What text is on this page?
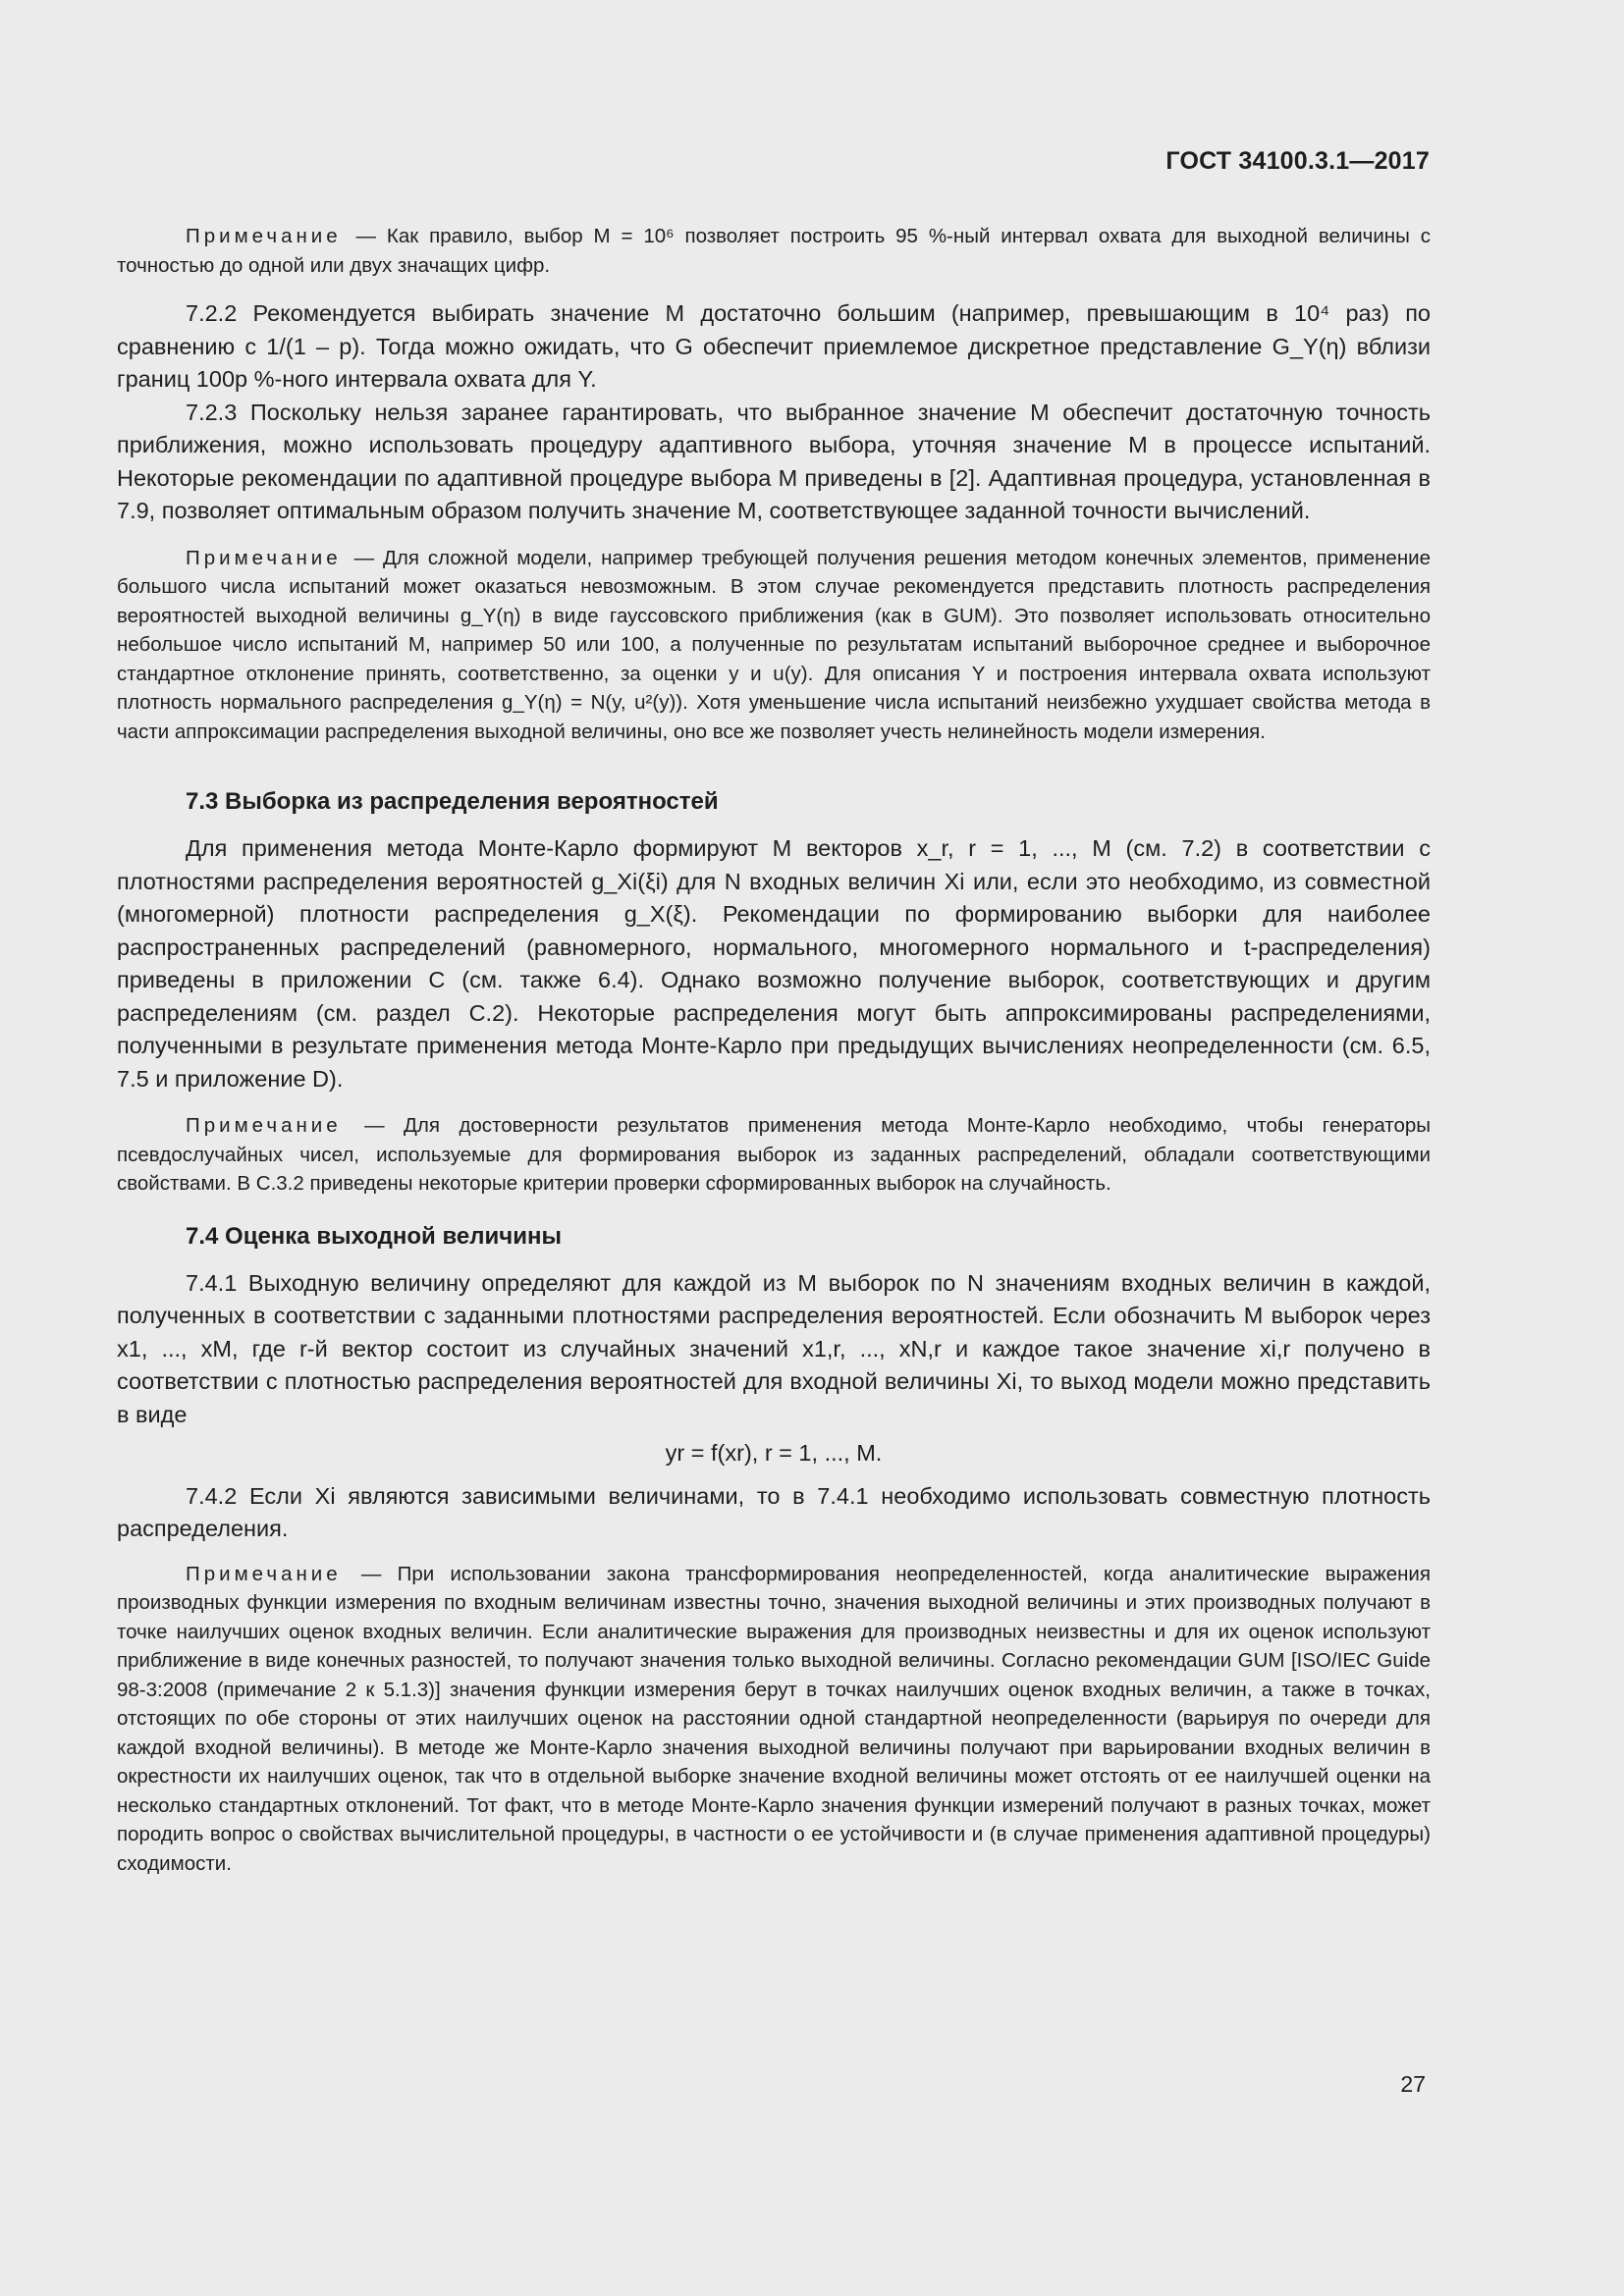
ГОСТ 34100.3.1—2017

Примечание — Как правило, выбор M = 10⁶ позволяет построить 95 %-ный интервал охвата для выходной величины с точностью до одной или двух значащих цифр.

7.2.2 Рекомендуется выбирать значение M достаточно большим (например, превышающим в 10⁴ раз) по сравнению с 1/(1 – p). Тогда можно ожидать, что G обеспечит приемлемое дискретное представление G_Y(η) вблизи границ 100p %-ного интервала охвата для Y.

7.2.3 Поскольку нельзя заранее гарантировать, что выбранное значение M обеспечит достаточную точность приближения, можно использовать процедуру адаптивного выбора, уточняя значение M в процессе испытаний. Некоторые рекомендации по адаптивной процедуре выбора M приведены в [2]. Адаптивная процедура, установленная в 7.9, позволяет оптимальным образом получить значение M, соответствующее заданной точности вычислений.

Примечание — Для сложной модели, например требующей получения решения методом конечных элементов, применение большого числа испытаний может оказаться невозможным. В этом случае рекомендуется представить плотность распределения вероятностей выходной величины g_Y(η) в виде гауссовского приближения (как в GUM). Это позволяет использовать относительно небольшое число испытаний M, например 50 или 100, а полученные по результатам испытаний выборочное среднее и выборочное стандартное отклонение принять, соответственно, за оценки y и u(y). Для описания Y и построения интервала охвата используют плотность нормального распределения g_Y(η) = N(y, u²(y)). Хотя уменьшение числа испытаний неизбежно ухудшает свойства метода в части аппроксимации распределения выходной величины, оно все же позволяет учесть нелинейность модели измерения.

7.3 Выборка из распределения вероятностей

Для применения метода Монте-Карло формируют M векторов x_r, r = 1, ..., M (см. 7.2) в соответствии с плотностями распределения вероятностей g_Xi(ξi) для N входных величин Xi или, если это необходимо, из совместной (многомерной) плотности распределения g_X(ξ). Рекомендации по формированию выборки для наиболее распространенных распределений (равномерного, нормального, многомерного нормального и t-распределения) приведены в приложении C (см. также 6.4). Однако возможно получение выборок, соответствующих и другим распределениям (см. раздел C.2). Некоторые распределения могут быть аппроксимированы распределениями, полученными в результате применения метода Монте-Карло при предыдущих вычислениях неопределенности (см. 6.5, 7.5 и приложение D).

Примечание — Для достоверности результатов применения метода Монте-Карло необходимо, чтобы генераторы псевдослучайных чисел, используемые для формирования выборок из заданных распределений, обладали соответствующими свойствами. В C.3.2 приведены некоторые критерии проверки сформированных выборок на случайность.

7.4 Оценка выходной величины

7.4.1 Выходную величину определяют для каждой из M выборок по N значениям входных величин в каждой, полученных в соответствии с заданными плотностями распределения вероятностей. Если обозначить M выборок через x1, ..., xM, где r-й вектор состоит из случайных значений x1,r, ..., xN,r и каждое такое значение xi,r получено в соответствии с плотностью распределения вероятностей для входной величины Xi, то выход модели можно представить в виде

yr = f(xr), r = 1, ..., M.

7.4.2 Если Xi являются зависимыми величинами, то в 7.4.1 необходимо использовать совместную плотность распределения.

Примечание — При использовании закона трансформирования неопределенностей, когда аналитические выражения производных функции измерения по входным величинам известны точно, значения выходной величины и этих производных получают в точке наилучших оценок входных величин. Если аналитические выражения для производных неизвестны и для их оценок используют приближение в виде конечных разностей, то получают значения только выходной величины. Согласно рекомендации GUM [ISO/IEC Guide 98-3:2008 (примечание 2 к 5.1.3)] значения функции измерения берут в точках наилучших оценок входных величин, а также в точках, отстоящих по обе стороны от этих наилучших оценок на расстоянии одной стандартной неопределенности (варьируя по очереди для каждой входной величины). В методе же Монте-Карло значения выходной величины получают при варьировании входных величин в окрестности их наилучших оценок, так что в отдельной выборке значение входной величины может отстоять от ее наилучшей оценки на несколько стандартных отклонений. Тот факт, что в методе Монте-Карло значения функции измерений получают в разных точках, может породить вопрос о свойствах вычислительной процедуры, в частности о ее устойчивости и (в случае применения адаптивной процедуры) сходимости.

27
